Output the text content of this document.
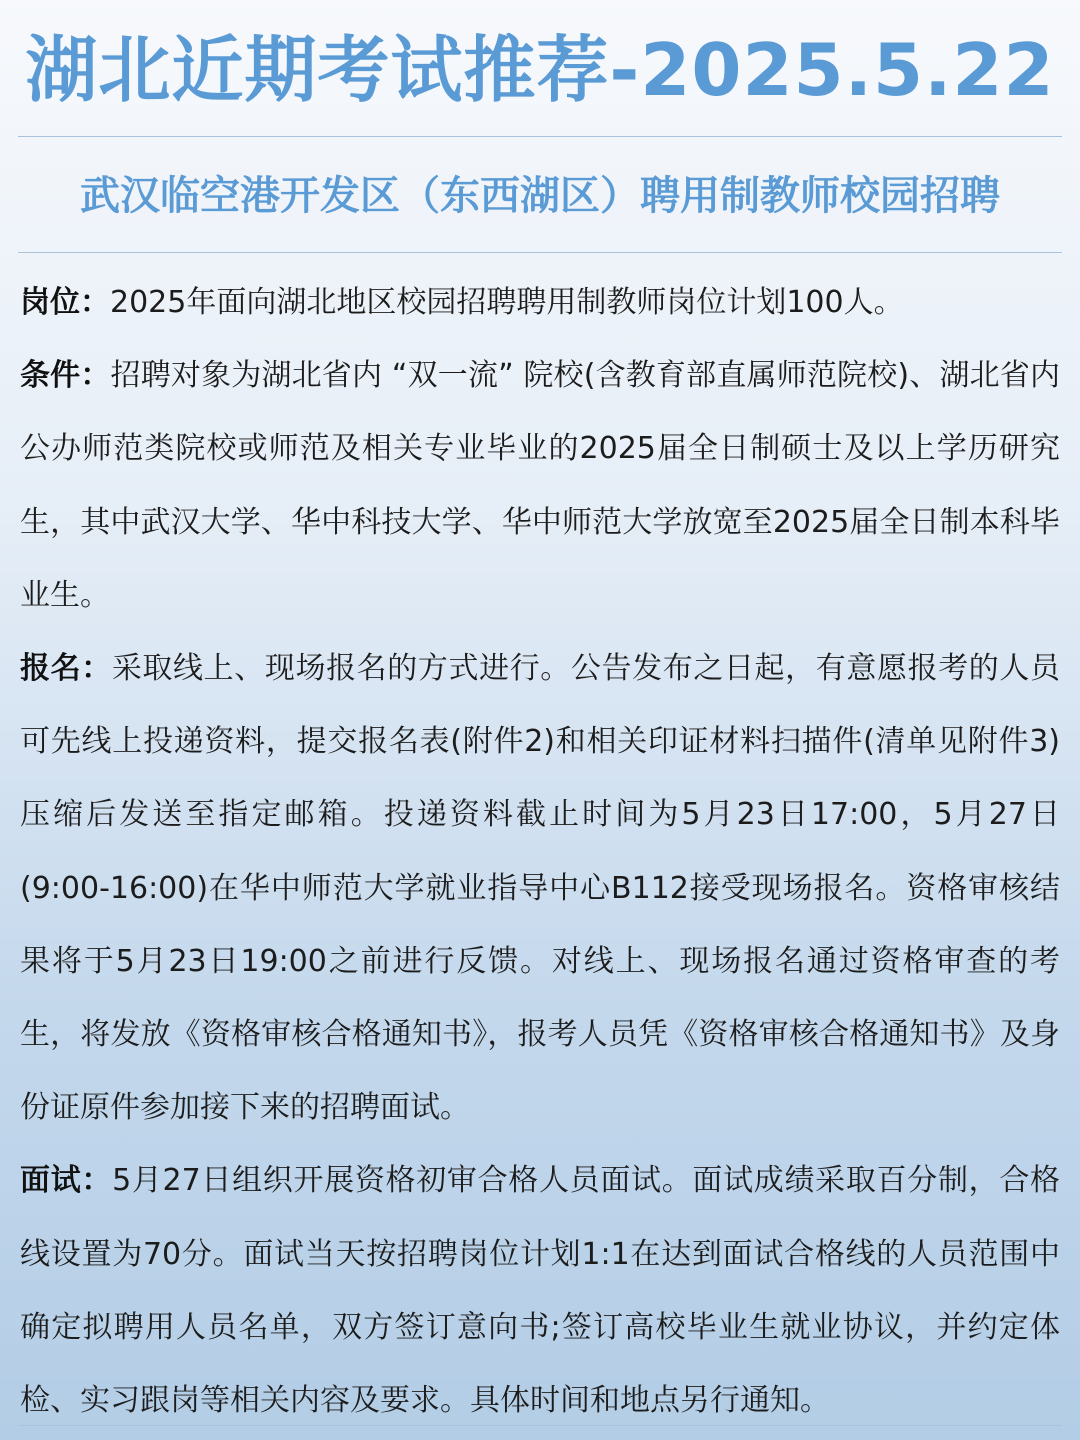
湖北近期考试推荐-2025.5.22
武汉临空港开发区（东西湖区）聘用制教师校园招聘

岗位：2025年面向湖北地区校园招聘聘用制教师岗位计划100人。

条件：招聘对象为湖北省内 “双一流” 院校(含教育部直属师范院校)、湖北省内公办师范类院校或师范及相关专业毕业的2025届全日制硕士及以上学历研究生，其中武汉大学、华中科技大学、华中师范大学放宽至2025届全日制本科毕业生。

报名：采取线上、现场报名的方式进行。公告发布之日起，有意愿报考的人员可先线上投递资料，提交报名表(附件2)和相关印证材料扫描件(清单见附件3)压缩后发送至指定邮箱。投递资料截止时间为5月23日17:00，5月27日(9:00-16:00)在华中师范大学就业指导中心B112接受现场报名。资格审核结果将于5月23日19:00之前进行反馈。对线上、现场报名通过资格审查的考生，将发放《资格审核合格通知书》，报考人员凭《资格审核合格通知书》及身份证原件参加接下来的招聘面试。

面试：5月27日组织开展资格初审合格人员面试。面试成绩采取百分制，合格线设置为70分。面试当天按招聘岗位计划1:1在达到面试合格线的人员范围中确定拟聘用人员名单，双方签订意向书;签订高校毕业生就业协议，并约定体检、实习跟岗等相关内容及要求。具体时间和地点另行通知。
